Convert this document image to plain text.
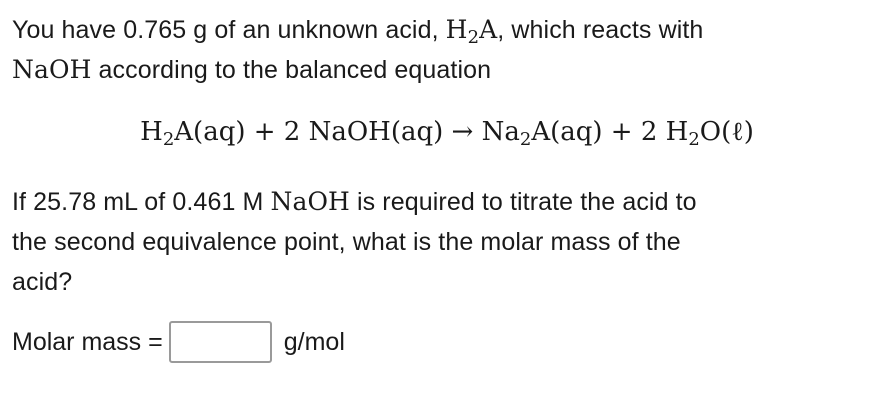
You have 0.765 g of an unknown acid, $H_2A$, which reacts with
NaOH according to the balanced equation
$H_2A(aq) + 2$ NaOH(aq) → $Na_2A(aq) + 2$ $H_2O(\ell)$
If 25.78 mL of 0.461 M NaOH is required to titrate the acid to
the second equivalence point, what is the molar mass of the
acid?
Molar mass =	g/mol
